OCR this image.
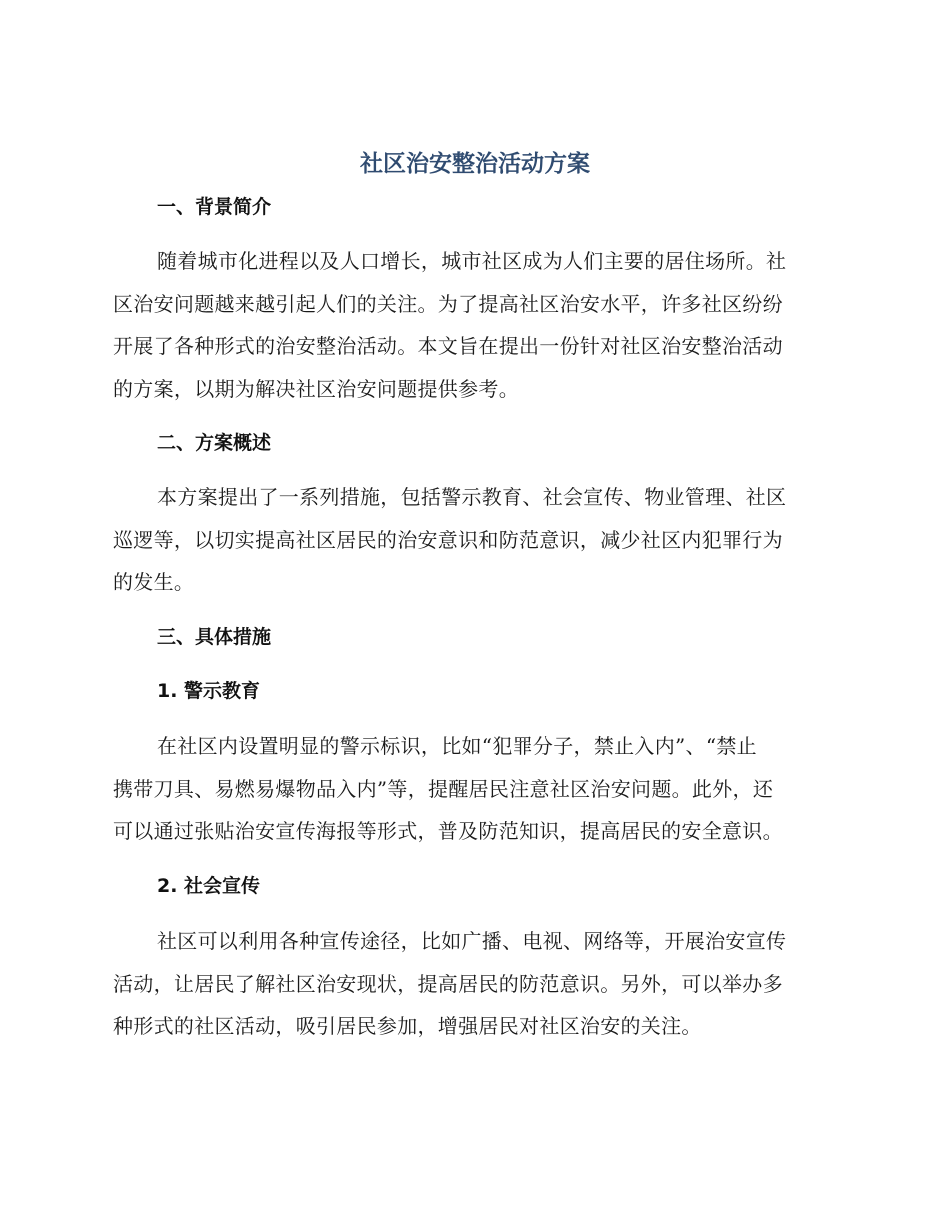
社区治安整治活动方案
一、背景简介

随着城市化进程以及人口增长，城市社区成为人们主要的居住场所。社
区治安问题越来越引起人们的关注。为了提高社区治安水平，许多社区纷纷
开展了各种形式的治安整治活动。本文旨在提出一份针对社区治安整治活动
的方案，以期为解决社区治安问题提供参考。

二、方案概述

本方案提出了一系列措施，包括警示教育、社会宣传、物业管理、社区
巡逻等，以切实提高社区居民的治安意识和防范意识，减少社区内犯罪行为
的发生。

三、具体措施
1. 警示教育

在社区内设置明显的警示标识，比如“犯罪分子，禁止入内”、“禁止
携带刀具、易燃易爆物品入内”等，提醒居民注意社区治安问题。此外，还
可以通过张贴治安宣传海报等形式，普及防范知识，提高居民的安全意识。

2. 社会宣传

社区可以利用各种宣传途径，比如广播、电视、网络等，开展治安宣传
活动，让居民了解社区治安现状，提高居民的防范意识。另外，可以举办多
种形式的社区活动，吸引居民参加，增强居民对社区治安的关注。
